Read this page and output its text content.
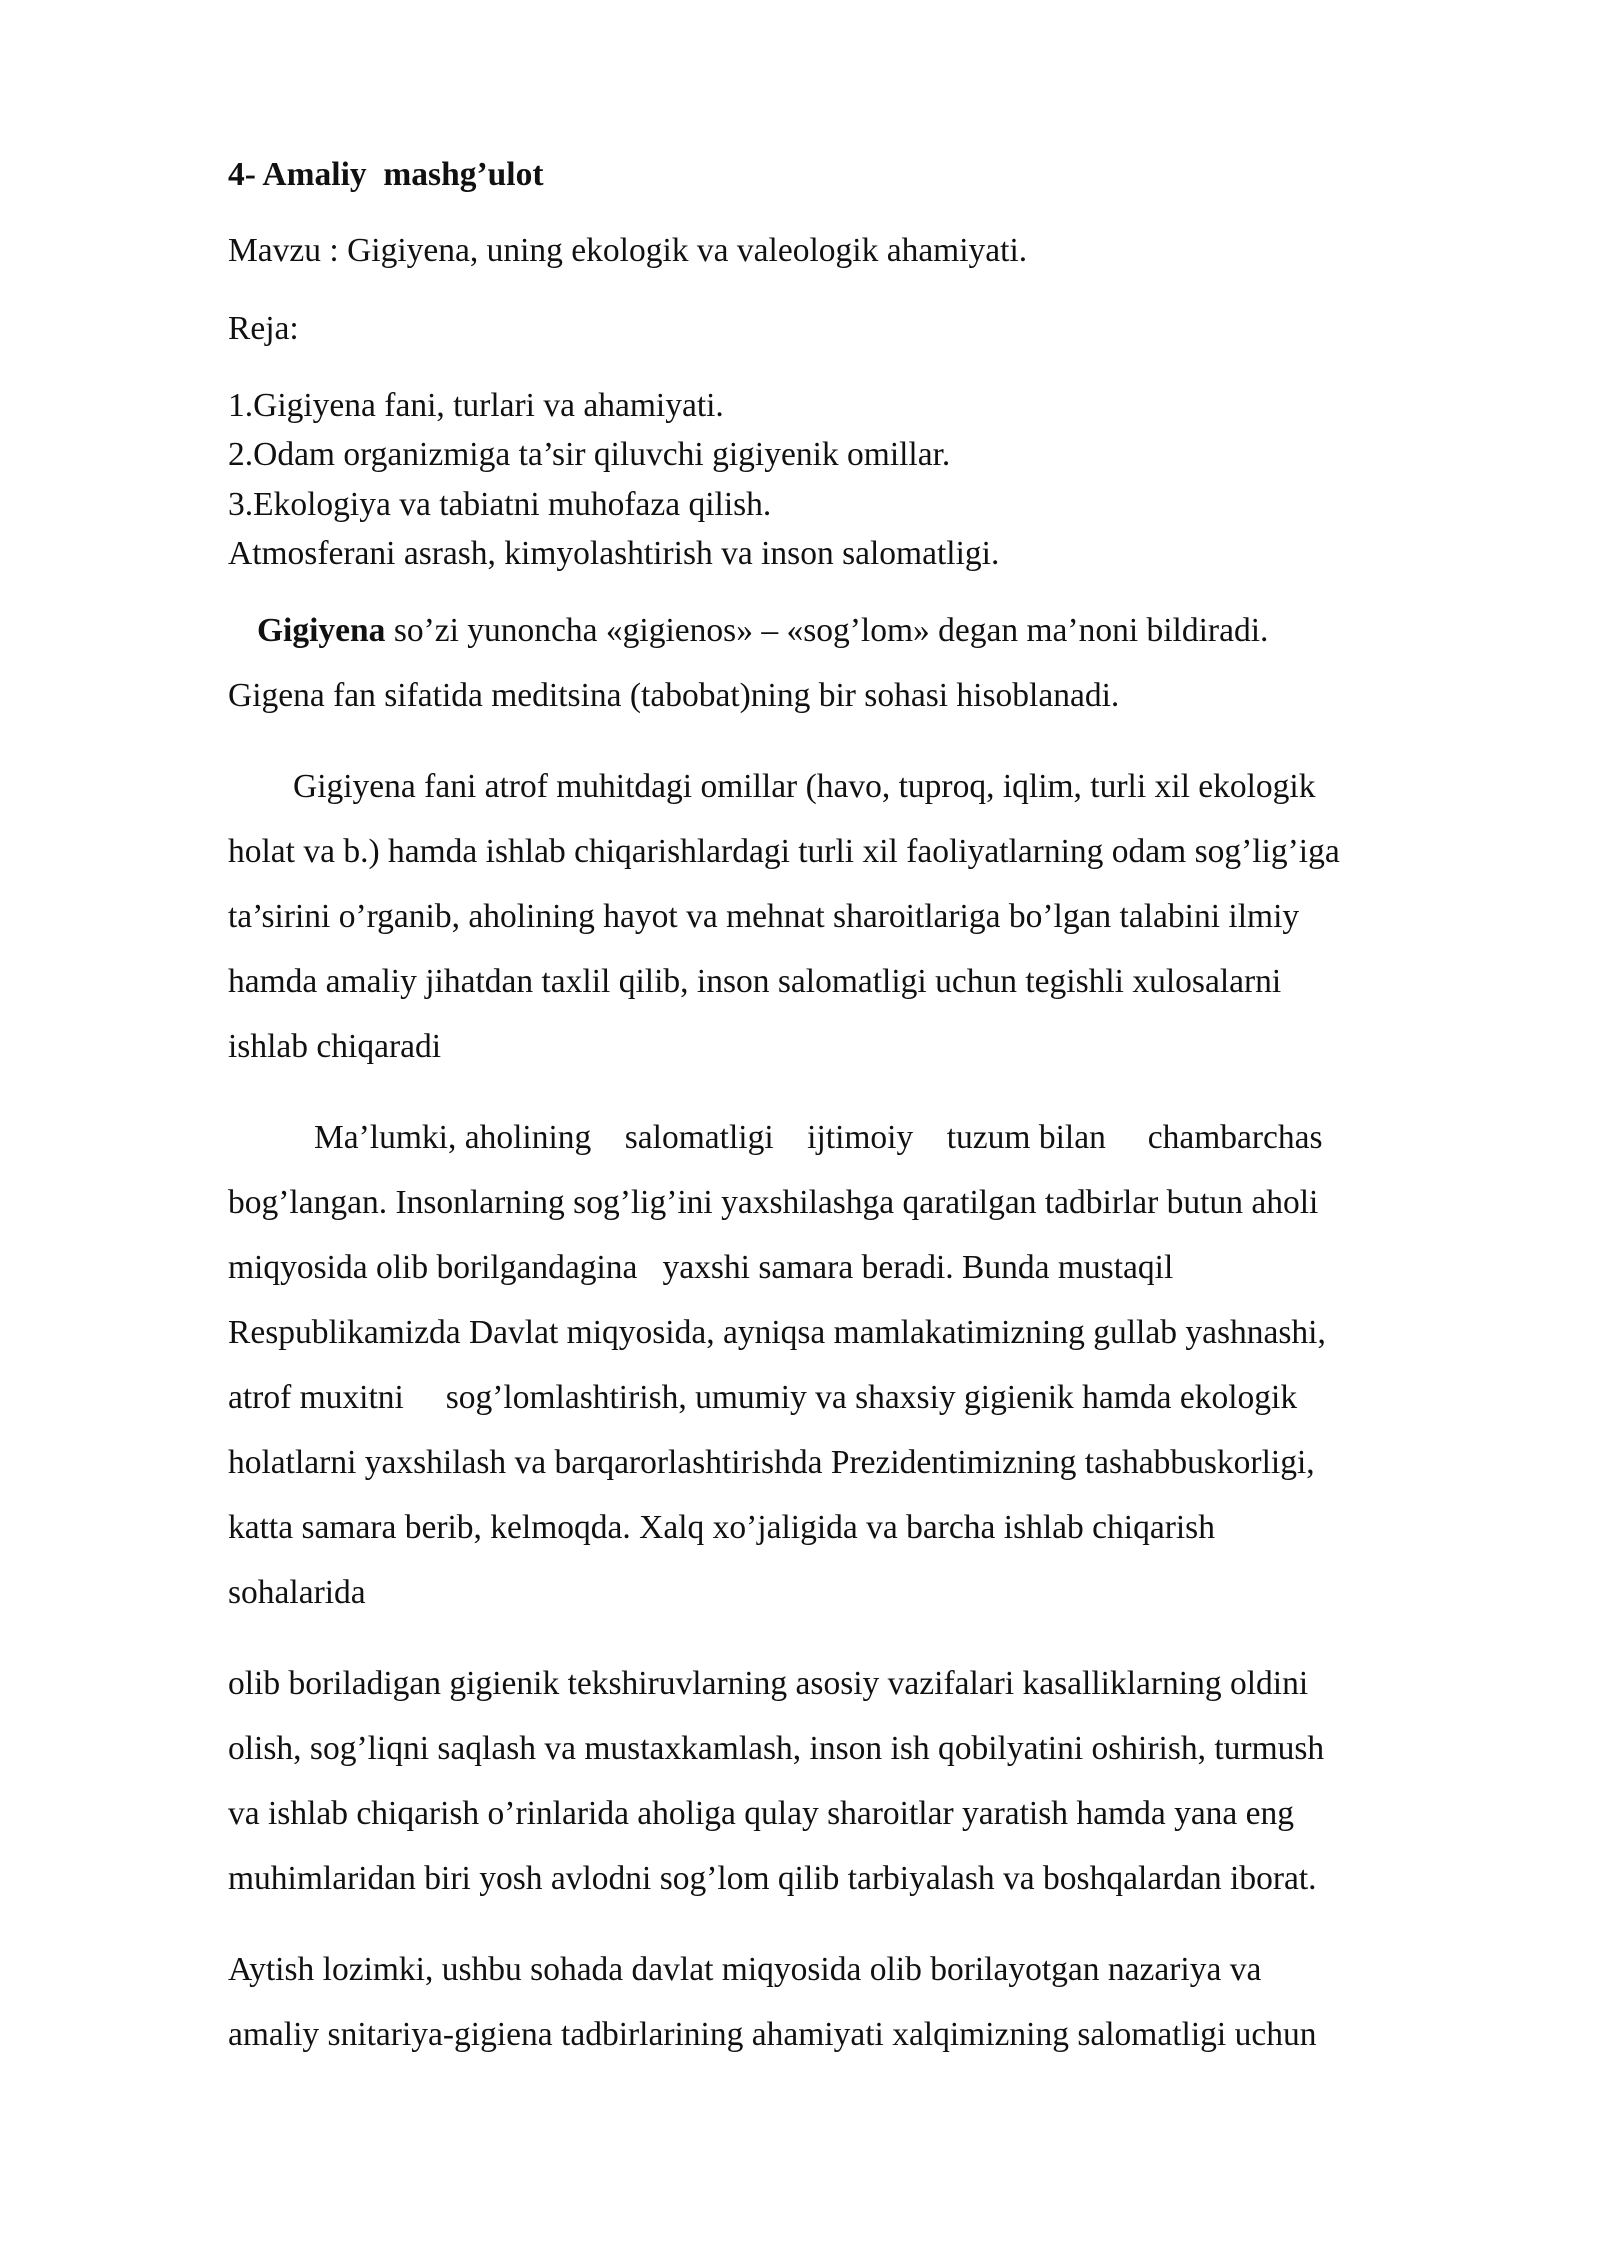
4- Amaliy  mashg’ulot

Mavzu : Gigiyena, uning ekologik va valeologik ahamiyati.

Reja:

1.Gigiyena fani, turlari va ahamiyati.

2.Odam organizmiga ta’sir qiluvchi gigiyenik omillar.

3.Ekologiya va tabiatni muhofaza qilish.

Atmosferani asrash, kimyolashtirish va inson salomatligi.

Gigiyena so’zi yunoncha «gigienos» – «sog’lom» degan ma’noni bildiradi.

Gigena fan sifatida meditsina (tabobat)ning bir sohasi hisoblanadi.

Gigiyena fani atrof muhitdagi omillar (havo, tuproq, iqlim, turli xil ekologik

holat va b.) hamda ishlab chiqarishlardagi turli xil faoliyatlarning odam sog’lig’iga

ta’sirini o’rganib, aholining hayot va mehnat sharoitlariga bo’lgan talabini ilmiy

hamda amaliy jihatdan taxlil qilib, inson salomatligi uchun tegishli xulosalarni

ishlab chiqaradi

Ma’lumki, aholining    salomatligi    ijtimoiy    tuzum bilan     chambarchas

bog’langan. Insonlarning sog’lig’ini yaxshilashga qaratilgan tadbirlar butun aholi

miqyosida olib borilgandagina   yaxshi samara beradi. Bunda mustaqil

Respublikamizda Davlat miqyosida, ayniqsa mamlakatimizning gullab yashnashi,

atrof muxitni     sog’lomlashtirish, umumiy va shaxsiy gigienik hamda ekologik

holatlarni yaxshilash va barqarorlashtirishda Prezidentimizning tashabbuskorligi,

katta samara berib, kelmoqda. Xalq xo’jaligida va barcha ishlab chiqarish

sohalarida

olib boriladigan gigienik tekshiruvlarning asosiy vazifalari kasalliklarning oldini

olish, sog’liqni saqlash va mustaxkamlash, inson ish qobilyatini oshirish, turmush

va ishlab chiqarish o’rinlarida aholiga qulay sharoitlar yaratish hamda yana eng

muhimlaridan biri yosh avlodni sog’lom qilib tarbiyalash va boshqalardan iborat.

Aytish lozimki, ushbu sohada davlat miqyosida olib borilayotgan nazariya va

amaliy snitariya-gigiena tadbirlarining ahamiyati xalqimizning salomatligi uchun
